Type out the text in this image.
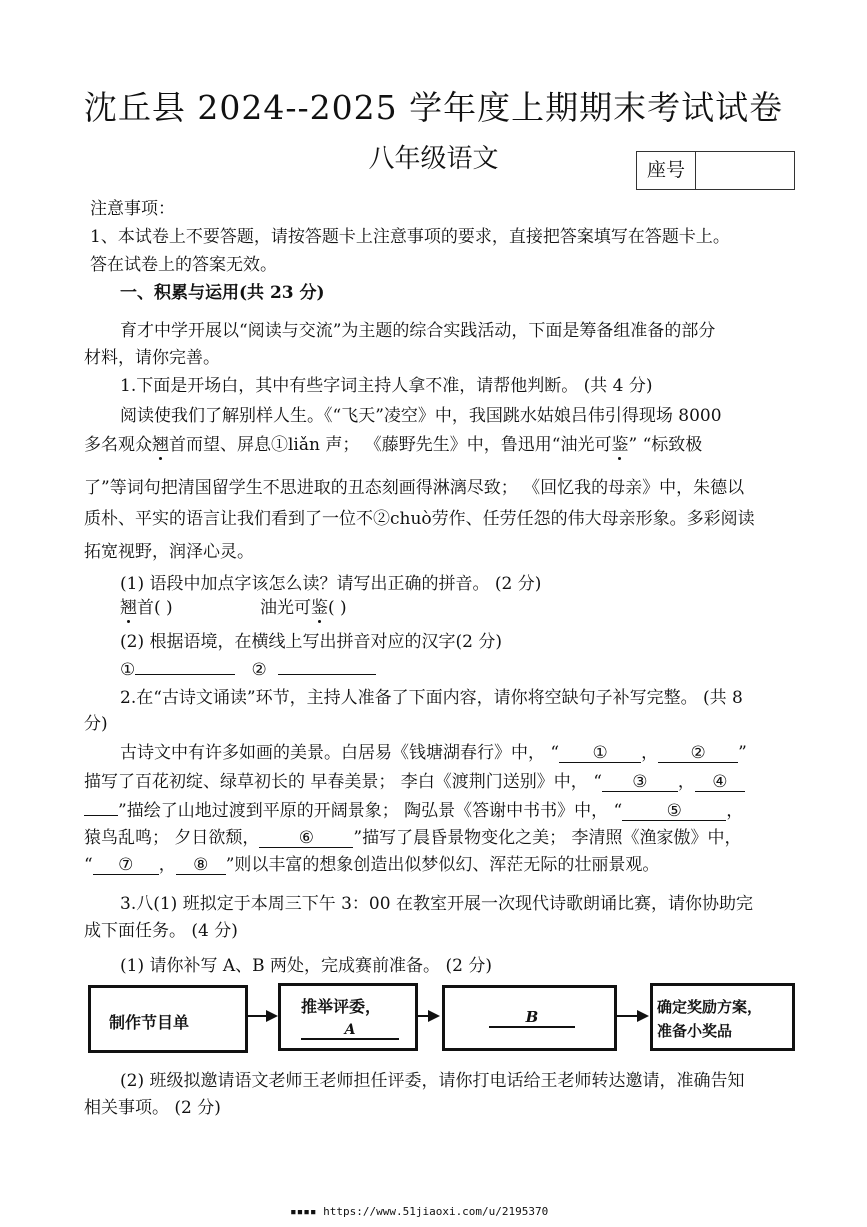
沈丘县 2024--2025 学年度上期期末考试试卷
八年级语文	座号
注意事项：
1、本试卷上不要答题，请按答题卡上注意事项的要求，直接把答案填写在答题卡上。
答在试卷上的答案无效。
一、积累与运用(共 23 分)
育才中学开展以“阅读与交流”为主题的综合实践活动，下面是筹备组准备的部分
材料，请你完善。
1.下面是开场白，其中有些字词主持人拿不准，请帮他判断。 (共 4 分)
阅读使我们了解别样人生。《“飞天”凌空》中，我国跳水姑娘吕伟引得现场 8000
多名观众翘首而望、屏息①liǎn 声； 《藤野先生》中，鲁迅用“油光可鉴” “标致极
了”等词句把清国留学生不思进取的丑态刻画得淋漓尽致； 《回忆我的母亲》中，朱德以
质朴、平实的语言让我们看到了一位不②chuò劳作、任劳任怨的伟大母亲形象。多彩阅读
拓宽视野，润泽心灵。
(1) 语段中加点字该怎么读？请写出正确的拼音。 (2 分)
翘首( )	油光可鉴( )
(2) 根据语境，在横线上写出拼音对应的汉字(2 分)
①	②
2.在“古诗文诵读”环节，主持人准备了下面内容，请你将空缺句子补写完整。 (共 8
分)
古诗文中有许多如画的美景。白居易《钱塘湖春行》中， “ ① ， ② ”
描写了百花初绽、绿草初长的 早春美景； 李白《渡荆门送别》中， “ ③ ， ④
”描绘了山地过渡到平原的开阔景象； 陶弘景《答谢中书书》中， “	⑤	，
猿鸟乱鸣； 夕日欲颓， ⑥ ”描写了晨昏景物变化之美； 李清照《渔家傲》中，
“ ⑦ ， ⑧ ”则以丰富的想象创造出似梦似幻、浑茫无际的壮丽景观。
3.八(1) 班拟定于本周三下午 3：00 在教室开展一次现代诗歌朗诵比赛，请你协助完
成下面任务。 (4 分)
(1) 请你补写 A、B 两处，完成赛前准备。 (2 分)
制作节目单
推举评委，
A
B
确定奖励方案，
准备小奖品
(2) 班级拟邀请语文老师王老师担任评委，请你打电话给王老师转达邀请，准确告知
相关事项。 (2 分)
▪▪▪▪ https://www.51jiaoxi.com/u/2195370
